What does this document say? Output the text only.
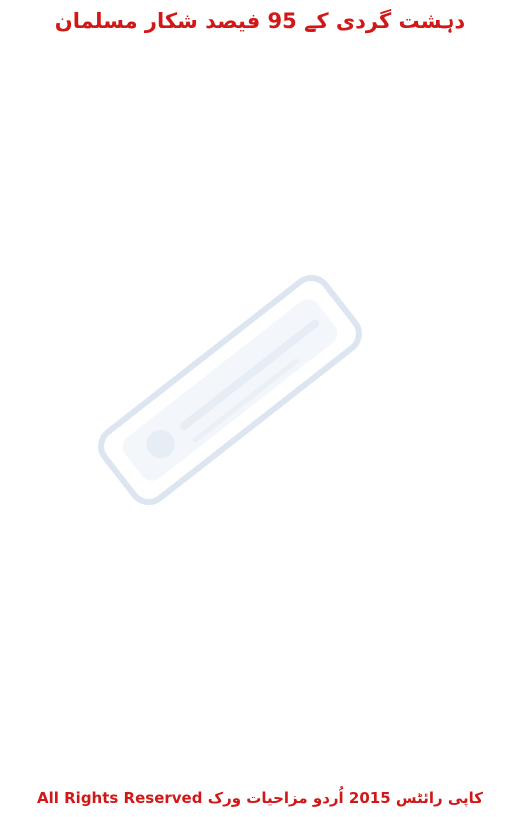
دہشت گردی کے 95 فیصد شکار مسلمان

کاپی رائٹس 2015 اُردو مزاحیات ورک All Rights Reserved
